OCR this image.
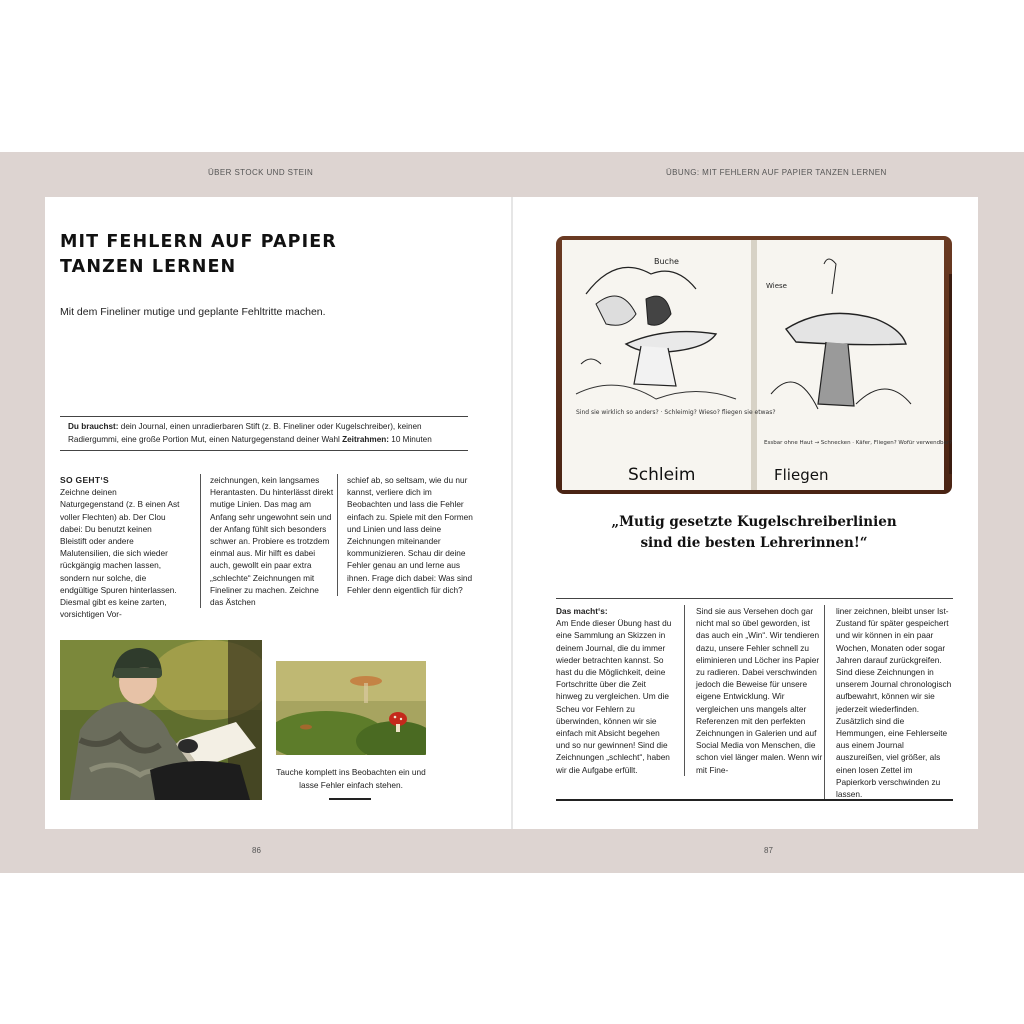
ÜBER STOCK UND STEIN	ÜBUNG: MIT FEHLERN AUF PAPIER TANZEN LERNEN
MIT FEHLERN AUF PAPIER
TANZEN LERNEN

Mit dem Fineliner mutige und geplante Fehltritte machen.

Du brauchst: dein Journal, einen unradierbaren Stift (z. B. Fineliner oder Kugelschreiber), keinen Radiergummi, eine große Portion Mut, einen Naturgegenstand deiner Wahl Zeitrahmen: 10 Minuten
SO GEHT‘S
Zeichne deinen Naturgegenstand (z. B einen Ast voller Flechten) ab. Der Clou dabei: Du benutzt keinen Bleistift oder andere Malutensilien, die sich wieder rückgängig machen lassen, sondern nur solche, die endgültige Spuren hinterlassen. Diesmal gibt es keine zarten, vorsichtigen Vor-
zeichnungen, kein langsames Herantasten. Du hinterlässt direkt mutige Linien. Das mag am Anfang sehr ungewohnt sein und der Anfang fühlt sich besonders schwer an. Probiere es trotzdem einmal aus. Mir hilft es dabei auch, gewollt ein paar extra „schlechte“ Zeichnungen mit Fineliner zu machen. Zeichne das Ästchen
schief ab, so seltsam, wie du nur kannst, verliere dich im Beobachten und lass die Fehler einfach zu. Spiele mit den Formen und Linien und lass deine Zeichnungen miteinander kommunizieren. Schau dir deine Fehler genau an und lerne aus ihnen. Frage dich dabei: Was sind Fehler denn eigentlich für dich?
Tauche komplett ins Beobachten ein und lasse Fehler einfach stehen.
86
Buche
Sind sie wirklich so anders? · Schleimig? Wieso? fliegen sie etwas?
Schleim
Wiese
Essbar ohne Haut → Schnecken · Käfer, Fliegen? Wofür verwendbar?
Fliegen
„Mutig gesetzte Kugelschreiberlinien
sind die besten Lehrerinnen!“
Das macht‘s:
Am Ende dieser Übung hast du eine Sammlung an Skizzen in deinem Journal, die du immer wieder betrachten kannst. So hast du die Möglichkeit, deine Fortschritte über die Zeit hinweg zu vergleichen. Um die Scheu vor Fehlern zu überwinden, können wir sie einfach mit Absicht begehen und so nur gewinnen! Sind die Zeichnungen „schlecht“, haben wir die Aufgabe erfüllt.
Sind sie aus Versehen doch gar nicht mal so übel geworden, ist das auch ein „Win“. Wir tendieren dazu, unsere Fehler schnell zu eliminieren und Löcher ins Papier zu radieren. Dabei verschwinden jedoch die Beweise für unsere eigene Entwicklung. Wir vergleichen uns mangels alter Referenzen mit den perfekten Zeichnungen in Galerien und auf Social Media von Menschen, die schon viel länger malen. Wenn wir mit Fine-
liner zeichnen, bleibt unser Ist-Zustand für später gespeichert und wir können in ein paar Wochen, Monaten oder sogar Jahren darauf zurückgreifen. Sind diese Zeichnungen in unserem Journal chronologisch aufbewahrt, können wir sie jederzeit wiederfinden. Zusätzlich sind die Hemmungen, eine Fehlerseite aus einem Journal auszureißen, viel größer, als einen losen Zettel im Papierkorb verschwinden zu lassen.
87
